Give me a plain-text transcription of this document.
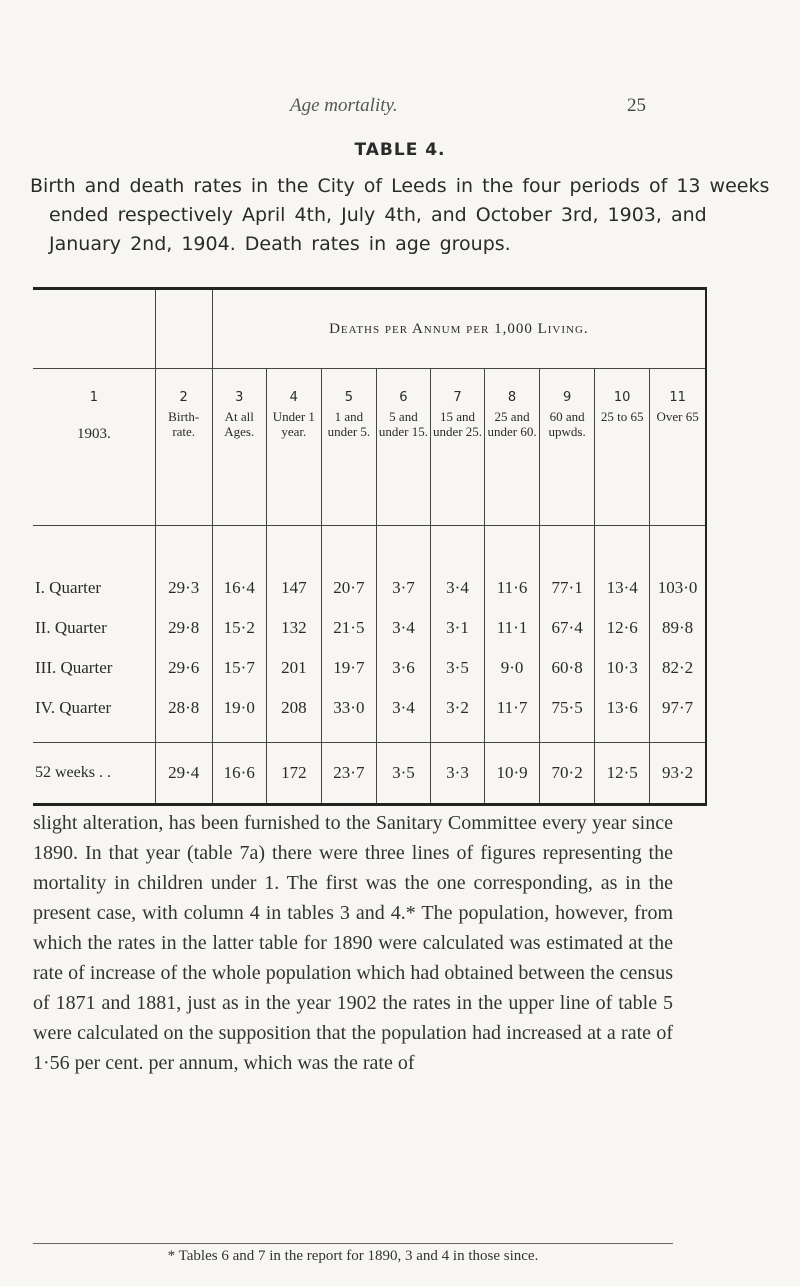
Age mortality.	25
TABLE 4.
Birth and death rates in the City of Leeds in the four periods of 13 weeks ended respectively April 4th, July 4th, and October 3rd, 1903, and January 2nd, 1904. Death rates in age groups.
		Deaths per Annum per 1,000 Living.								
1	2	3	4	5	6	7	8	9	10	11
1903.	Birth- rate.	At all Ages.	Under 1 year.	1 and under 5.	5 and under 15.	15 and under 25.	25 and under 60.	60 and upwds.	25 to 65	Over 65
I. Quarter	29·3	16·4	147	20·7	3·7	3·4	11·6	77·1	13·4	103·0
II. Quarter	29·8	15·2	132	21·5	3·4	3·1	11·1	67·4	12·6	89·8
III. Quarter	29·6	15·7	201	19·7	3·6	3·5	9·0	60·8	10·3	82·2
IV. Quarter	28·8	19·0	208	33·0	3·4	3·2	11·7	75·5	13·6	97·7
52 weeks . .	29·4	16·6	172	23·7	3·5	3·3	10·9	70·2	12·5	93·2
slight alteration, has been furnished to the Sanitary Committee every year since 1890. In that year (table 7a) there were three lines of figures representing the mortality in children under 1. The first was the one corresponding, as in the present case, with column 4 in tables 3 and 4.* The population, however, from which the rates in the latter table for 1890 were calculated was estimated at the rate of increase of the whole population which had obtained between the census of 1871 and 1881, just as in the year 1902 the rates in the upper line of table 5 were calculated on the supposition that the population had increased at a rate of 1·56 per cent. per annum, which was the rate of
* Tables 6 and 7 in the report for 1890, 3 and 4 in those since.
